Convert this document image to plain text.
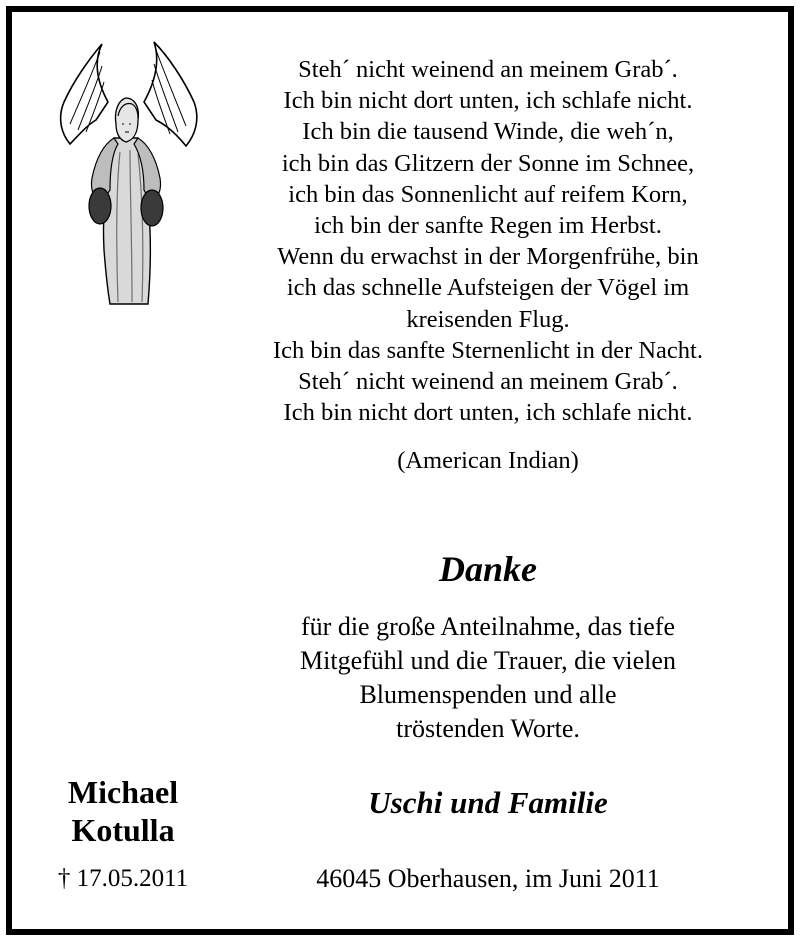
Steh´ nicht weinend an meinem Grab´.
Ich bin nicht dort unten, ich schlafe nicht.
Ich bin die tausend Winde, die weh´n,
ich bin das Glitzern der Sonne im Schnee,
ich bin das Sonnenlicht auf reifem Korn,
ich bin der sanfte Regen im Herbst.
Wenn du erwachst in der Morgenfrühe, bin
ich das schnelle Aufsteigen der Vögel im
kreisenden Flug.
Ich bin das sanfte Sternenlicht in der Nacht.
Steh´ nicht weinend an meinem Grab´.
Ich bin nicht dort unten, ich schlafe nicht.
(American Indian)
Danke
für die große Anteilnahme, das tiefe
Mitgefühl und die Trauer, die vielen
Blumenspenden und alle
tröstenden Worte.
Uschi und Familie
46045 Oberhausen, im Juni 2011
Michael
Kotulla
† 17.05.2011
